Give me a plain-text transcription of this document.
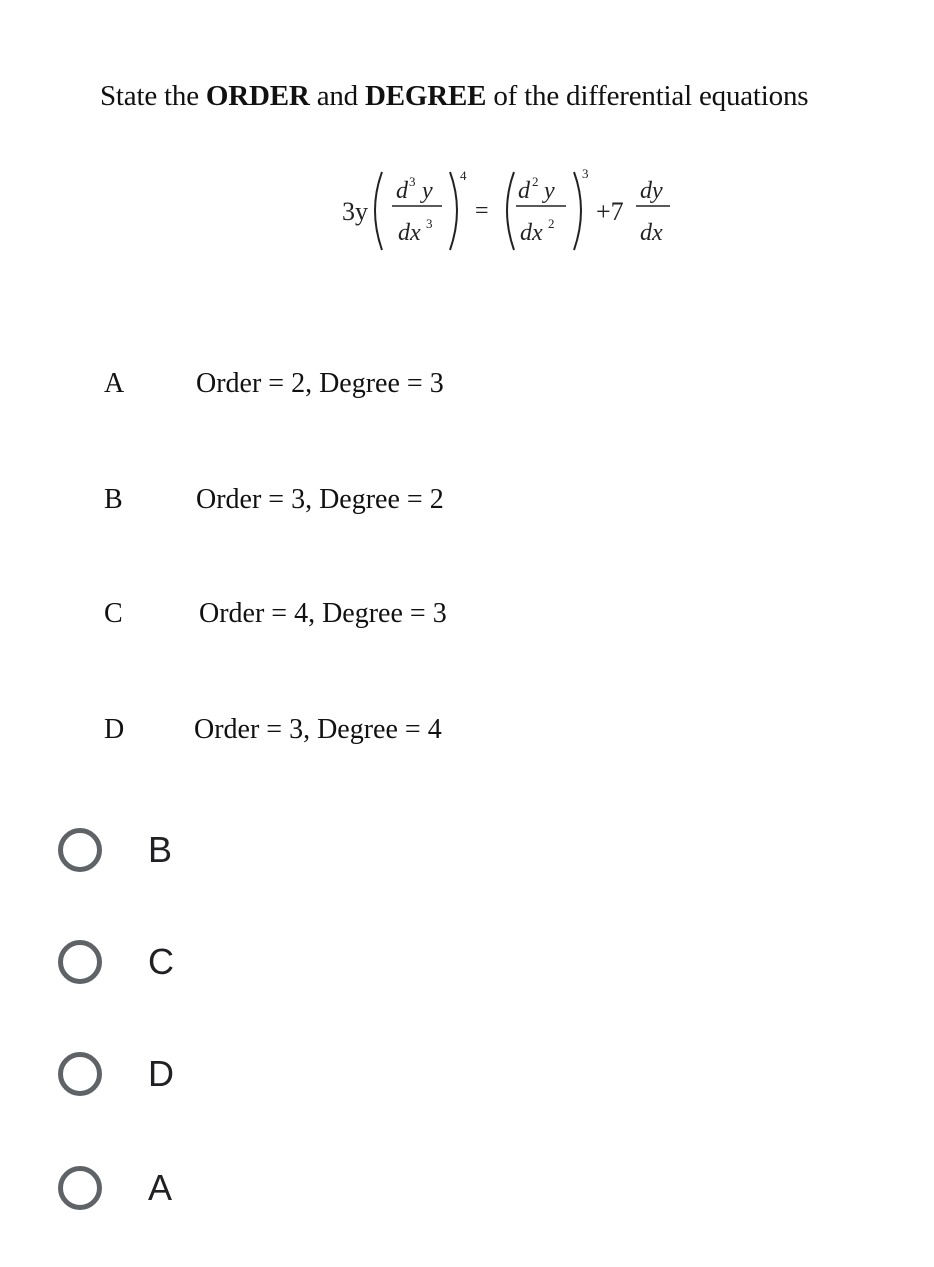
State the ORDER and DEGREE of the differential equations
3y
d 3 y
dx 3
4
=
d 2 y
dx 2
3
+7
dy
dx
A	Order = 2, Degree = 3
B	Order = 3, Degree = 2
C	Order = 4, Degree = 3
D	Order = 3, Degree = 4
B
C
D
A
